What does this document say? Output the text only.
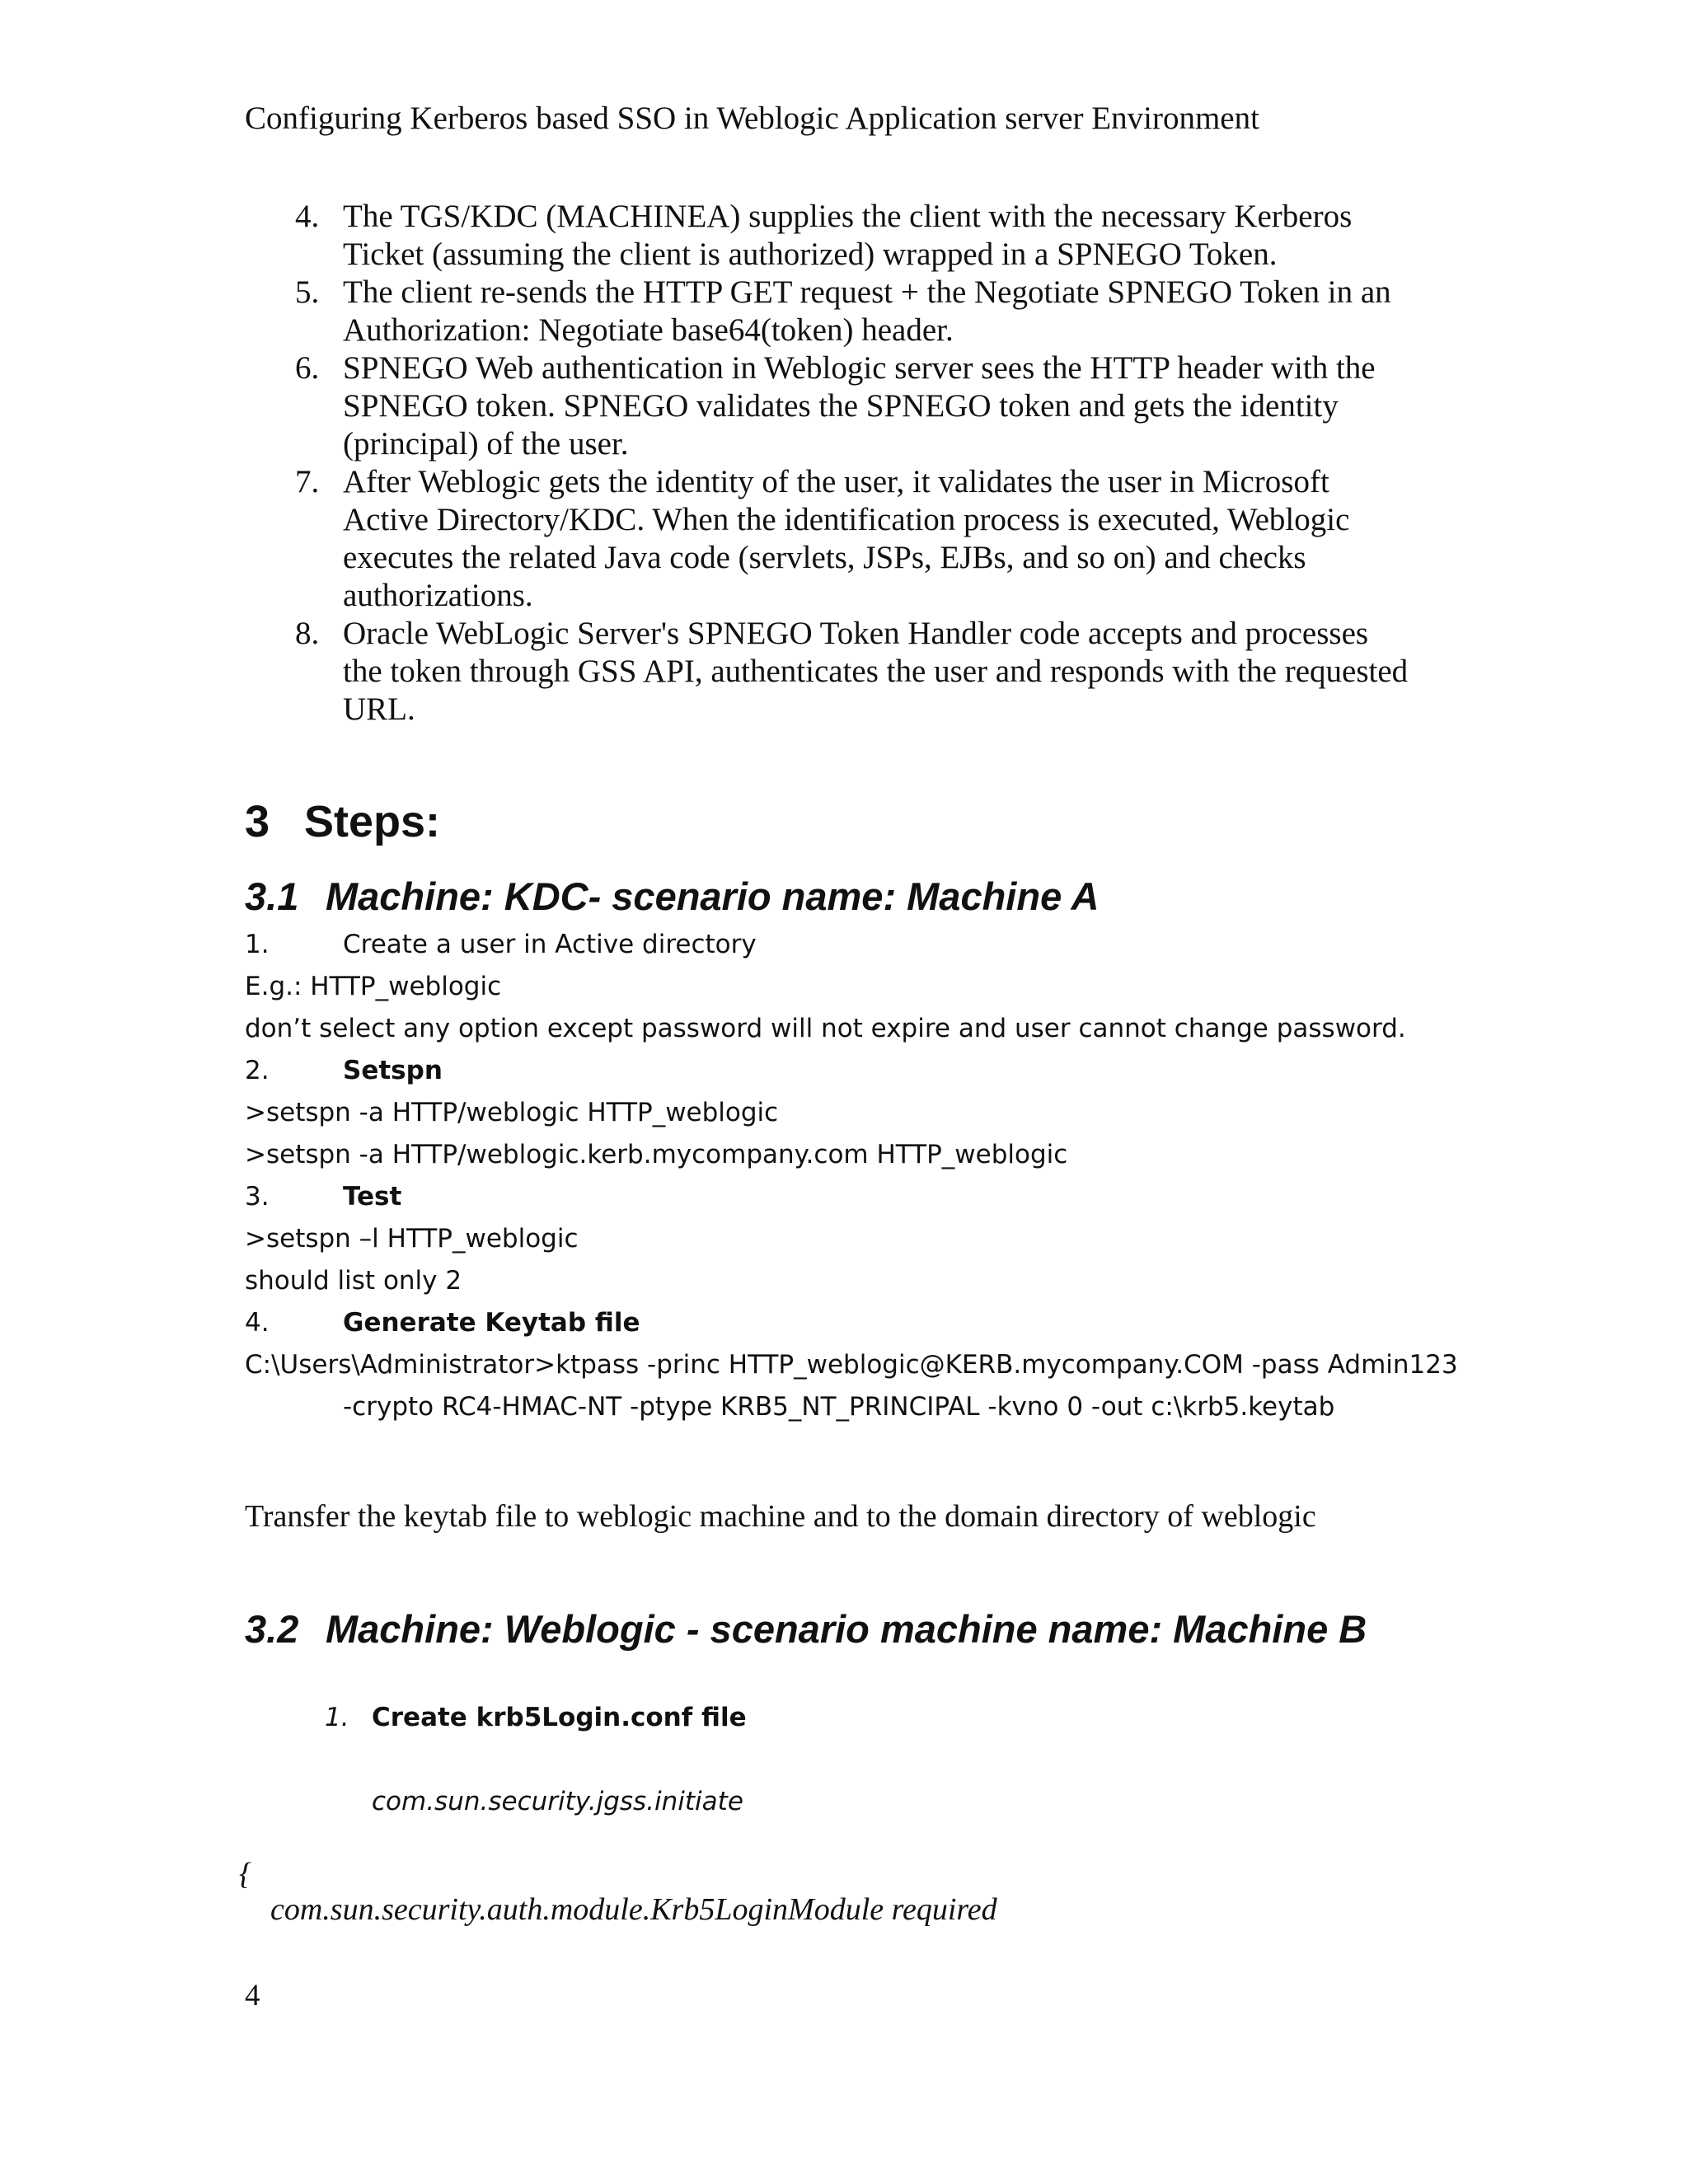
Configuring Kerberos based SSO in Weblogic Application server Environment
4. The TGS/KDC (MACHINEA) supplies the client with the necessary Kerberos
Ticket (assuming the client is authorized) wrapped in a SPNEGO Token.
5. The client re-sends the HTTP GET request + the Negotiate SPNEGO Token in an
Authorization: Negotiate base64(token) header.
6. SPNEGO Web authentication in Weblogic server sees the HTTP header with the
SPNEGO token. SPNEGO validates the SPNEGO token and gets the identity
(principal) of the user.
7. After Weblogic gets the identity of the user, it validates the user in Microsoft
Active Directory/KDC. When the identification process is executed, Weblogic
executes the related Java code (servlets, JSPs, EJBs, and so on) and checks
authorizations.
8. Oracle WebLogic Server's SPNEGO Token Handler code accepts and processes
the token through GSS API, authenticates the user and responds with the requested
URL.
3 Steps:
3.1 Machine: KDC- scenario name: Machine A
1.	Create a user in Active directory
E.g.: HTTP_weblogic
don’t select any option except password will not expire and user cannot change password.
2.	Setspn
>setspn -a HTTP/weblogic HTTP_weblogic
>setspn -a HTTP/weblogic.kerb.mycompany.com HTTP_weblogic
3.	Test
>setspn –l HTTP_weblogic
should list only 2
4.	Generate Keytab file
C:\Users\Administrator>ktpass -princ HTTP_weblogic@KERB.mycompany.COM -pass Admin123
-crypto RC4-HMAC-NT -ptype KRB5_NT_PRINCIPAL -kvno 0 -out c:\krb5.keytab
Transfer the keytab file to weblogic machine and to the domain directory of weblogic
3.2 Machine: Weblogic - scenario machine name: Machine B
1. Create krb5Login.conf file
com.sun.security.jgss.initiate
{
com.sun.security.auth.module.Krb5LoginModule required
4
